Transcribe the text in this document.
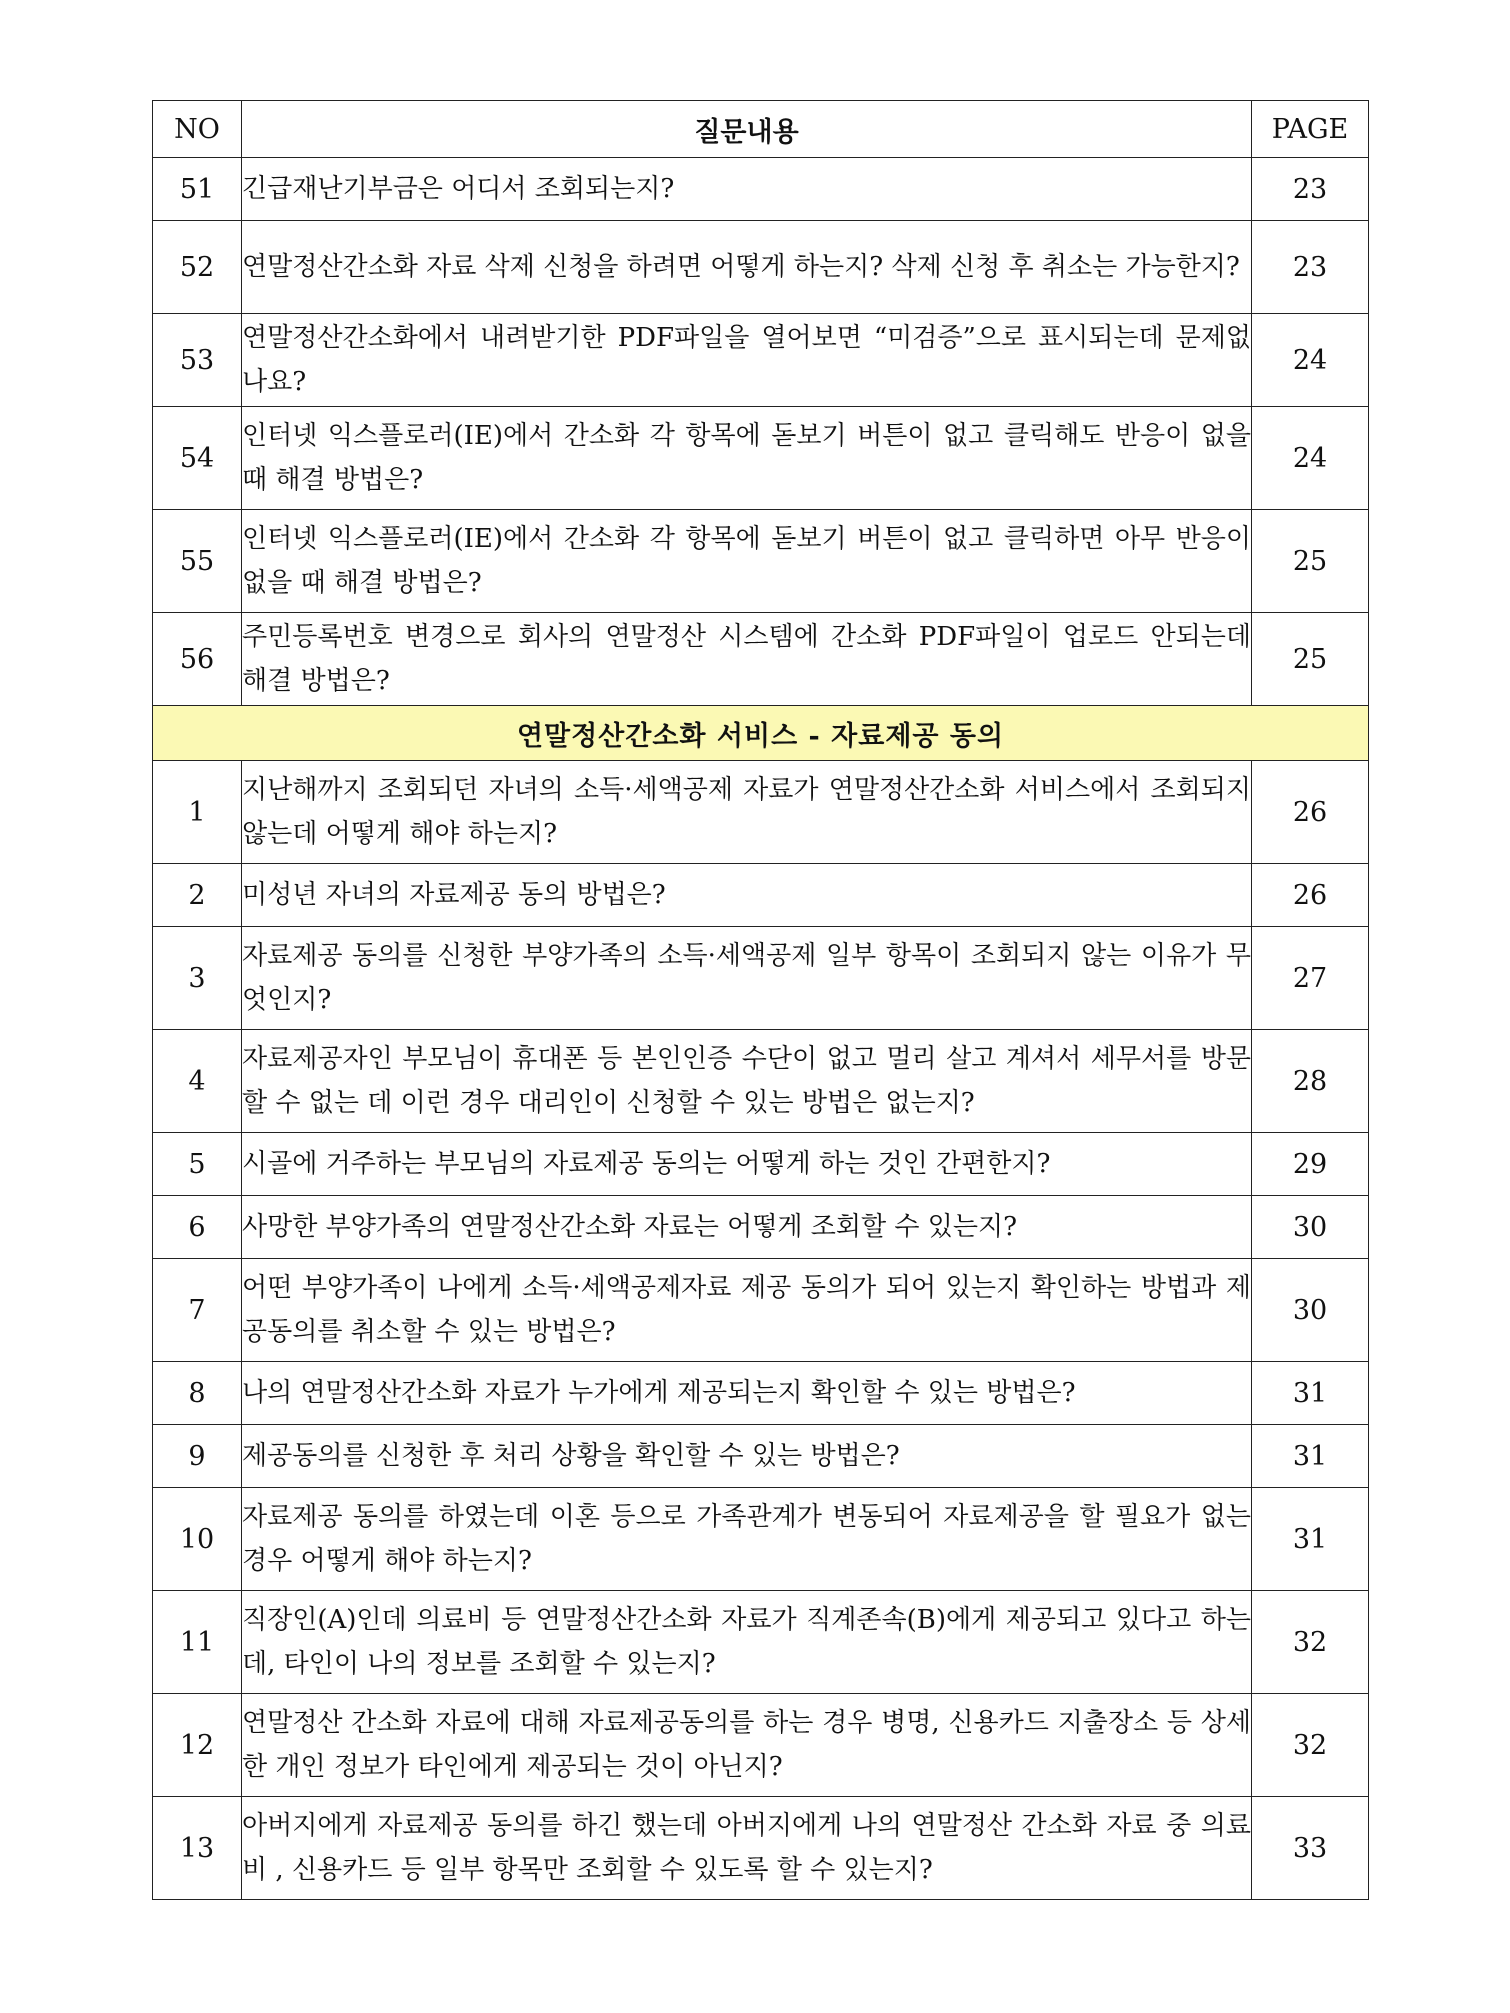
NO	질문내용	PAGE
51	긴급재난기부금은 어디서 조회되는지?	23
52	연말정산간소화 자료 삭제 신청을 하려면 어떻게 하는지? 삭제 신청 후 취소는 가능한지?	23
53	연말정산간소화에서 내려받기한 PDF파일을 열어보면 “미검증”으로 표시되는데 문제없나요?	24
54	인터넷 익스플로러(IE)에서 간소화 각 항목에 돋보기 버튼이 없고 클릭해도 반응이 없을 때 해결 방법은?	24
55	인터넷 익스플로러(IE)에서 간소화 각 항목에 돋보기 버튼이 없고 클릭하면 아무 반응이 없을 때 해결 방법은?	25
56	주민등록번호 변경으로 회사의 연말정산 시스템에 간소화 PDF파일이 업로드 안되는데 해결 방법은?	25
연말정산간소화 서비스 - 자료제공 동의		
1	지난해까지 조회되던 자녀의 소득·세액공제 자료가 연말정산간소화 서비스에서 조회되지 않는데 어떻게 해야 하는지?	26
2	미성년 자녀의 자료제공 동의 방법은?	26
3	자료제공 동의를 신청한 부양가족의 소득·세액공제 일부 항목이 조회되지 않는 이유가 무엇인지?	27
4	자료제공자인 부모님이 휴대폰 등 본인인증 수단이 없고 멀리 살고 계셔서 세무서를 방문할 수 없는 데 이런 경우 대리인이 신청할 수 있는 방법은 없는지?	28
5	시골에 거주하는 부모님의 자료제공 동의는 어떻게 하는 것인 간편한지?	29
6	사망한 부양가족의 연말정산간소화 자료는 어떻게 조회할 수 있는지?	30
7	어떤 부양가족이 나에게 소득·세액공제자료 제공 동의가 되어 있는지 확인하는 방법과 제공동의를 취소할 수 있는 방법은?	30
8	나의 연말정산간소화 자료가 누가에게 제공되는지 확인할 수 있는 방법은?	31
9	제공동의를 신청한 후 처리 상황을 확인할 수 있는 방법은?	31
10	자료제공 동의를 하였는데 이혼 등으로 가족관계가 변동되어 자료제공을 할 필요가 없는 경우 어떻게 해야 하는지?	31
11	직장인(A)인데 의료비 등 연말정산간소화 자료가 직계존속(B)에게 제공되고 있다고 하는 데, 타인이 나의 정보를 조회할 수 있는지?	32
12	연말정산 간소화 자료에 대해 자료제공동의를 하는 경우 병명, 신용카드 지출장소 등 상세한 개인 정보가 타인에게 제공되는 것이 아닌지?	32
13	아버지에게 자료제공 동의를 하긴 했는데 아버지에게 나의 연말정산 간소화 자료 중 의료비 , 신용카드 등 일부 항목만 조회할 수 있도록 할 수 있는지?	33
